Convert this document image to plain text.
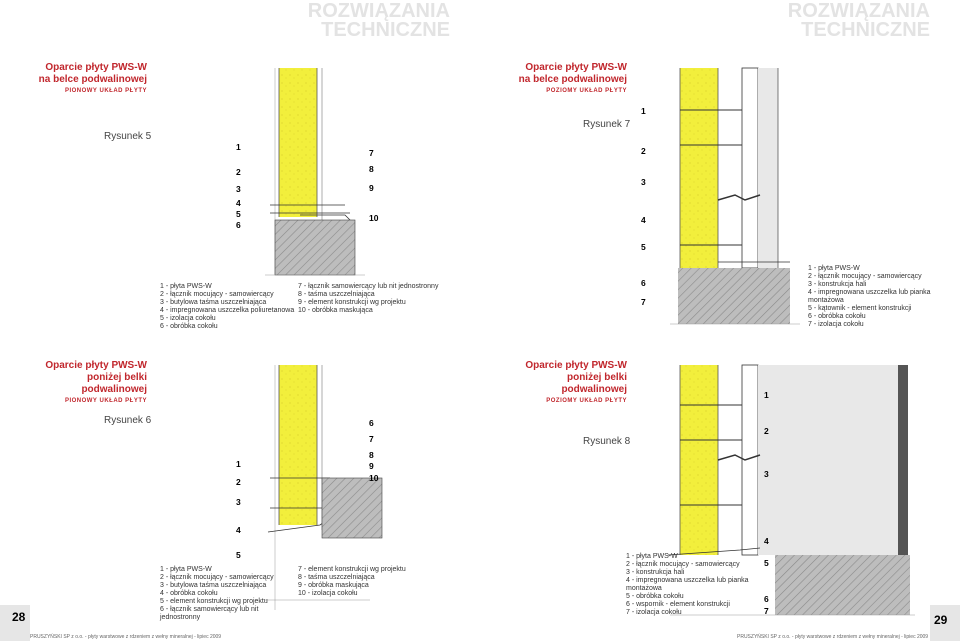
ROZWIĄZANIA
TECHNICZNE
ROZWIĄZANIA
TECHNICZNE
Oparcie płyty PWS-W
na belce podwalinowej
PIONOWY UKŁAD PŁYTY
Rysunek 5
1
2
3
4
5
6
7
8
9
10
1 - płyta PWS-W
2 - łącznik mocujący - samowiercący
3 - butylowa taśma uszczelniająca
4 - impregnowana uszczelka poliuretanowa
5 - izolacja cokołu
6 - obróbka cokołu
7 - łącznik samowiercący lub nit jednostronny
8 - taśma uszczelniająca
9 - element konstrukcji wg projektu
10 - obróbka maskująca
Oparcie płyty PWS-W
na belce podwalinowej
POZIOMY UKŁAD PŁYTY
Rysunek 7
1
2
3
4
5
6
7
1 - płyta PWS-W
2 - łącznik mocujący - samowiercący
3 - konstrukcja hali
4 - impregnowana uszczelka lub pianka
montażowa
5 - kątownik - element konstrukcji
6 - obróbka cokołu
7 - izolacja cokołu
Oparcie płyty PWS-W
poniżej belki podwalinowej
PIONOWY UKŁAD PŁYTY
Rysunek 6
1
2
3
4
5
6
7
8
9
10
1 - płyta PWS-W
2 - łącznik mocujący - samowiercący
3 - butylowa taśma uszczelniająca
4 - obróbka cokołu
5 - element konstrukcji wg projektu
6 - łącznik samowiercący lub nit
jednostronny
7 - element konstrukcji wg projektu
8 - taśma uszczelniająca
9 - obróbka maskująca
10 - izolacja cokołu
Oparcie płyty PWS-W
poniżej belki podwalinowej
POZIOMY UKŁAD PŁYTY
Rysunek 8
1
2
3
4
5
6
7
1 - płyta PWS-W
2 - łącznik mocujący - samowiercący
3 - konstrukcja hali
4 - impregnowana uszczelka lub pianka
montażowa
5 - obróbka cokołu
6 - wspornik - element konstrukcji
7 - izolacja cokołu
28	29
PRUSZYŃSKI SP z o.o. - płyty warstwowe z rdzeniem z wełny mineralnej - lipiec 2009	PRUSZYŃSKI SP z o.o. - płyty warstwowe z rdzeniem z wełny mineralnej - lipiec 2009
